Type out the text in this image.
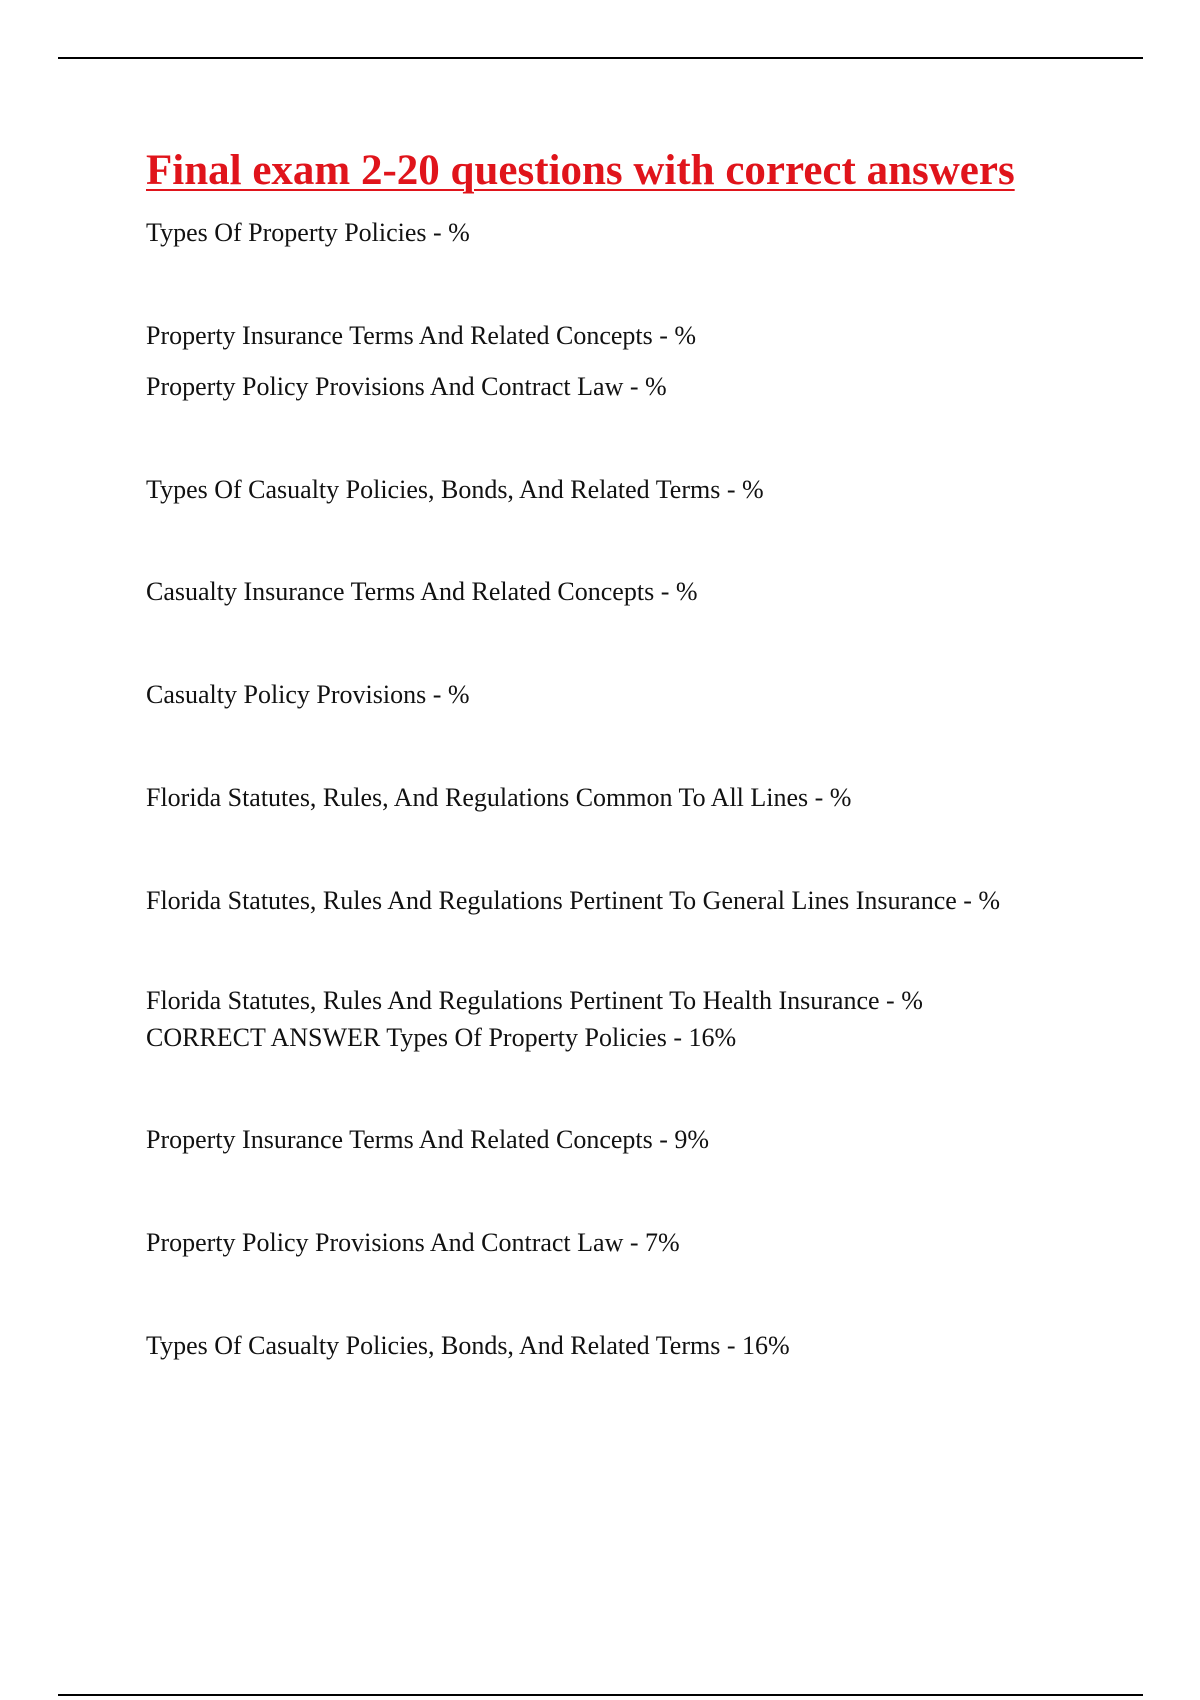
Final exam 2-20 questions with correct answers

Types Of Property Policies - %

Property Insurance Terms And Related Concepts - %

Property Policy Provisions And Contract Law - %

Types Of Casualty Policies, Bonds, And Related Terms - %

Casualty Insurance Terms And Related Concepts - %

Casualty Policy Provisions - %

Florida Statutes, Rules, And Regulations Common To All Lines - %

Florida Statutes, Rules And Regulations Pertinent To General Lines Insurance - %

Florida Statutes, Rules And Regulations Pertinent To Health Insurance - %

CORRECT ANSWER Types Of Property Policies - 16%

Property Insurance Terms And Related Concepts - 9%

Property Policy Provisions And Contract Law - 7%

Types Of Casualty Policies, Bonds, And Related Terms - 16%
